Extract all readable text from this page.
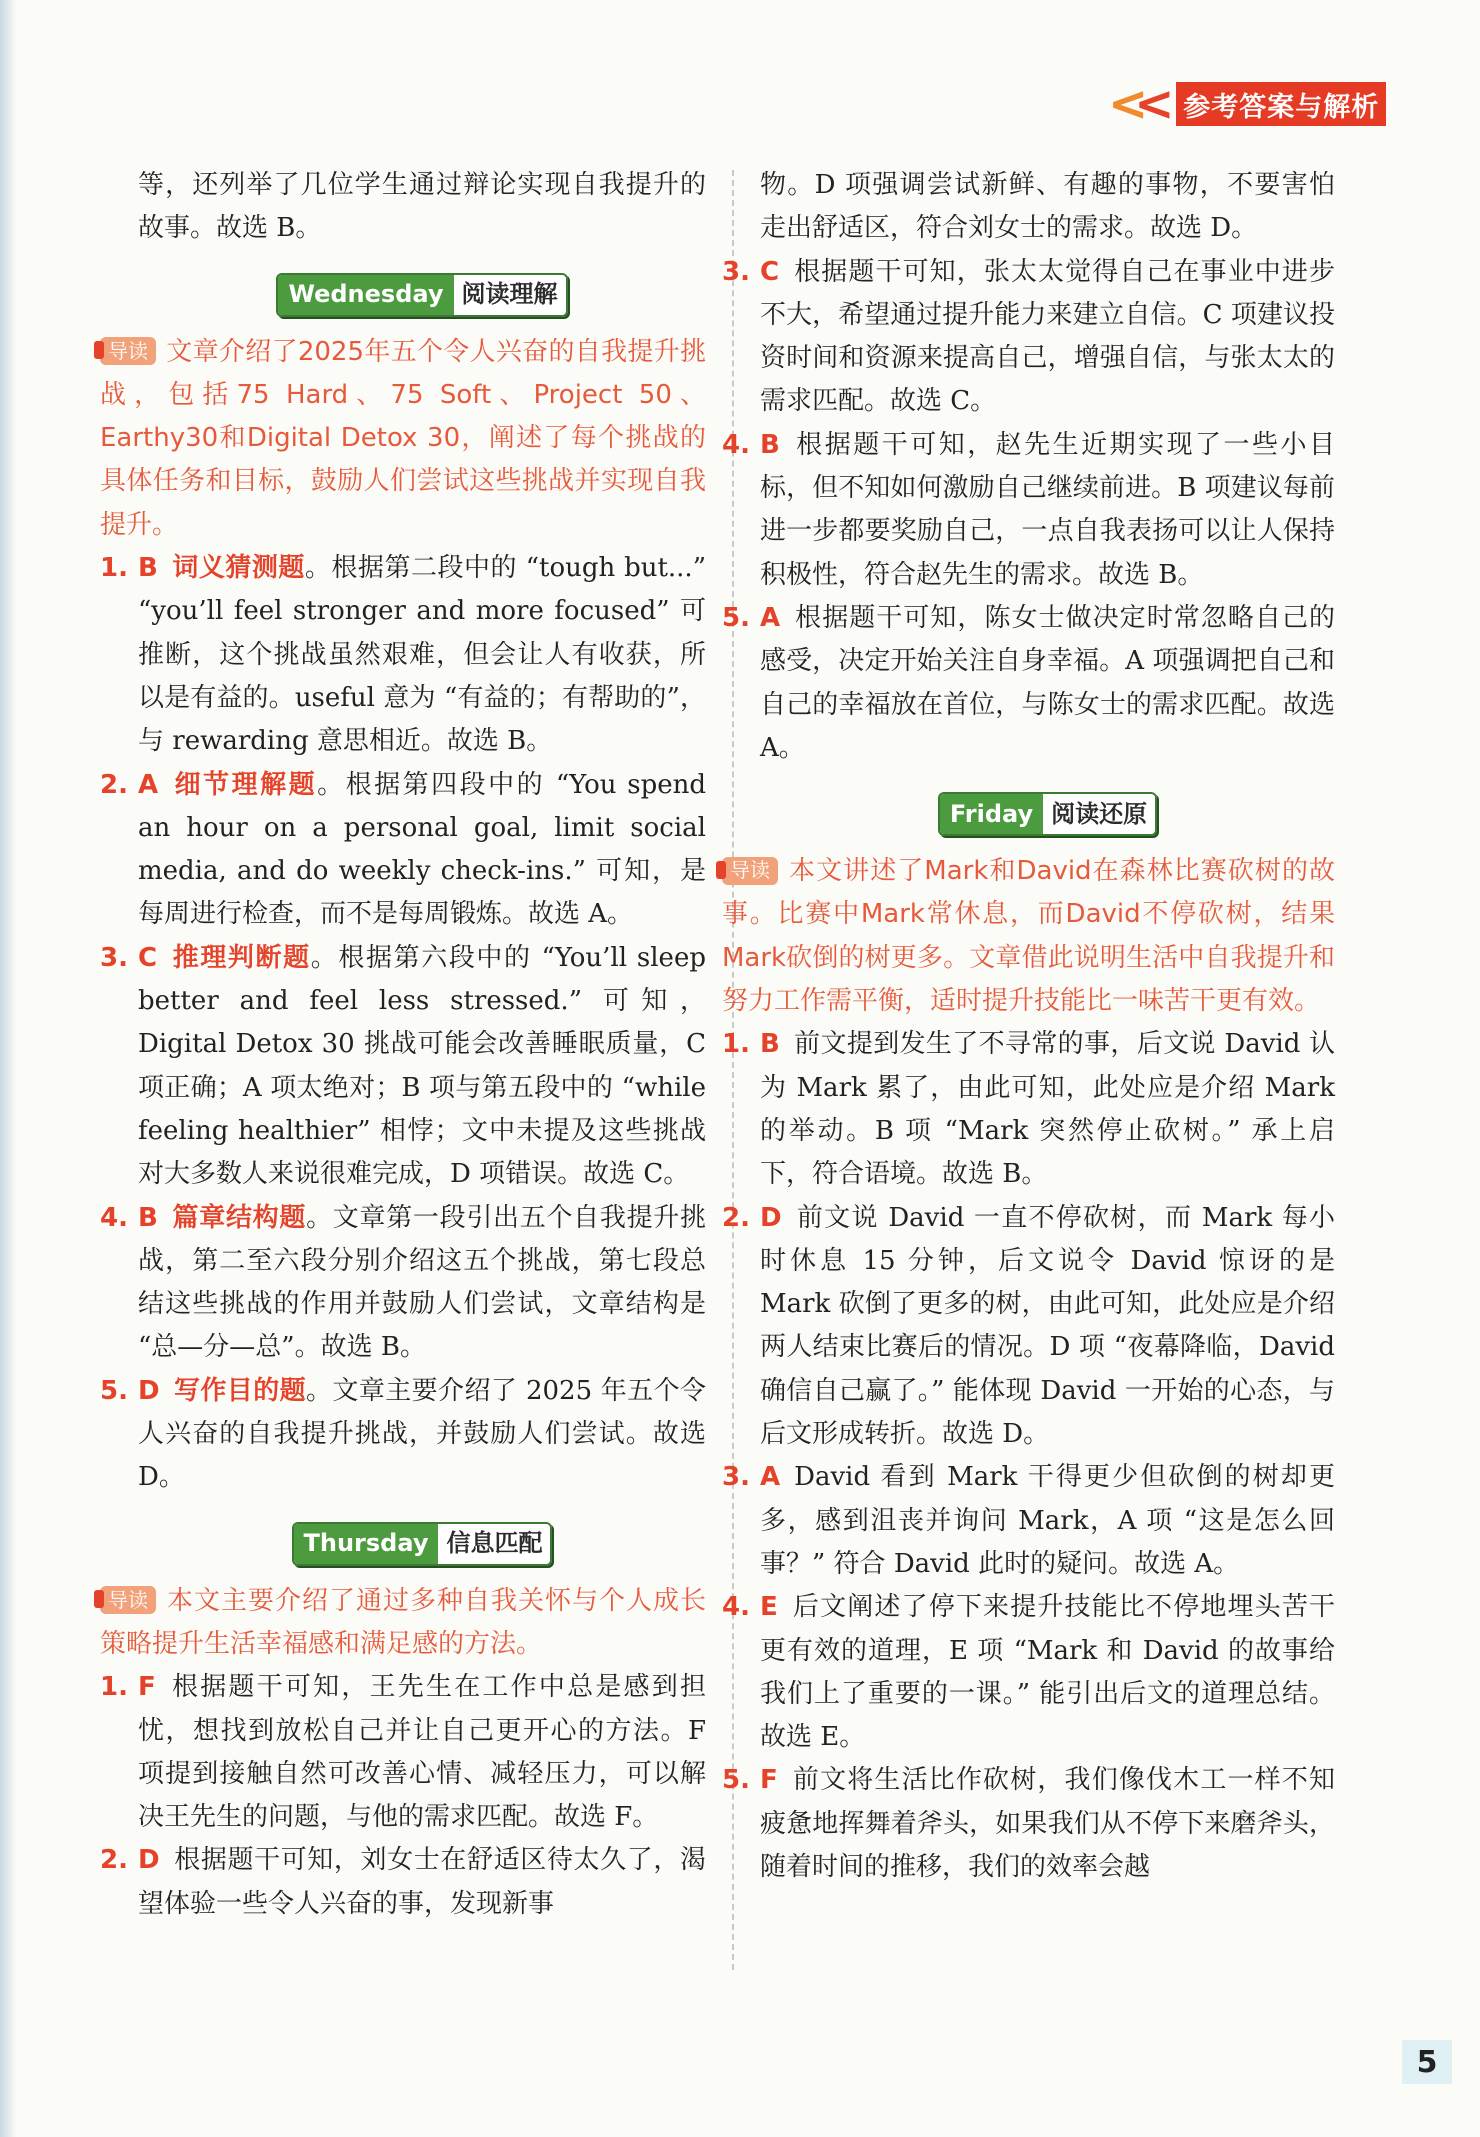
< < 参考答案与解析

等，还列举了几位学生通过辩论实现自我提升的故事。故选 B。

Wednesday 阅读理解

导读 文章介绍了2025年五个令人兴奋的自我提升挑战，包括75 Hard、75 Soft、Project 50、Earthy30和Digital Detox 30，阐述了每个挑战的具体任务和目标，鼓励人们尝试这些挑战并实现自我提升。

1. B 词义猜测题。根据第二段中的 “tough but...” “you’ll feel stronger and more focused” 可推断，这个挑战虽然艰难，但会让人有收获，所以是有益的。useful 意为 “有益的；有帮助的”，与 rewarding 意思相近。故选 B。

2. A 细节理解题。根据第四段中的 “You spend an hour on a personal goal, limit social media, and do weekly check-ins.” 可知，是每周进行检查，而不是每周锻炼。故选 A。

3. C 推理判断题。根据第六段中的 “You’ll sleep better and feel less stressed.” 可知，Digital Detox 30 挑战可能会改善睡眠质量，C 项正确；A 项太绝对；B 项与第五段中的 “while feeling healthier” 相悖；文中未提及这些挑战对大多数人来说很难完成，D 项错误。故选 C。

4. B 篇章结构题。文章第一段引出五个自我提升挑战，第二至六段分别介绍这五个挑战，第七段总结这些挑战的作用并鼓励人们尝试，文章结构是 “总—分—总”。故选 B。

5. D 写作目的题。文章主要介绍了 2025 年五个令人兴奋的自我提升挑战，并鼓励人们尝试。故选 D。

Thursday 信息匹配

导读 本文主要介绍了通过多种自我关怀与个人成长策略提升生活幸福感和满足感的方法。

1. F 根据题干可知，王先生在工作中总是感到担忧，想找到放松自己并让自己更开心的方法。F 项提到接触自然可改善心情、减轻压力，可以解决王先生的问题，与他的需求匹配。故选 F。

2. D 根据题干可知，刘女士在舒适区待太久了，渴望体验一些令人兴奋的事，发现新事

物。D 项强调尝试新鲜、有趣的事物，不要害怕走出舒适区，符合刘女士的需求。故选 D。

3. C 根据题干可知，张太太觉得自己在事业中进步不大，希望通过提升能力来建立自信。C 项建议投资时间和资源来提高自己，增强自信，与张太太的需求匹配。故选 C。

4. B 根据题干可知，赵先生近期实现了一些小目标，但不知如何激励自己继续前进。B 项建议每前进一步都要奖励自己，一点自我表扬可以让人保持积极性，符合赵先生的需求。故选 B。

5. A 根据题干可知，陈女士做决定时常忽略自己的感受，决定开始关注自身幸福。A 项强调把自己和自己的幸福放在首位，与陈女士的需求匹配。故选 A。

Friday 阅读还原

导读 本文讲述了Mark和David在森林比赛砍树的故事。比赛中Mark常休息，而David不停砍树，结果Mark砍倒的树更多。文章借此说明生活中自我提升和努力工作需平衡，适时提升技能比一味苦干更有效。

1. B 前文提到发生了不寻常的事，后文说 David 认为 Mark 累了，由此可知，此处应是介绍 Mark 的举动。B 项 “Mark 突然停止砍树。” 承上启下，符合语境。故选 B。

2. D 前文说 David 一直不停砍树，而 Mark 每小时休息 15 分钟，后文说令 David 惊讶的是 Mark 砍倒了更多的树，由此可知，此处应是介绍两人结束比赛后的情况。D 项 “夜幕降临，David 确信自己赢了。” 能体现 David 一开始的心态，与后文形成转折。故选 D。

3. A David 看到 Mark 干得更少但砍倒的树却更多，感到沮丧并询问 Mark，A 项 “这是怎么回事？” 符合 David 此时的疑问。故选 A。

4. E 后文阐述了停下来提升技能比不停地埋头苦干更有效的道理，E 项 “Mark 和 David 的故事给我们上了重要的一课。” 能引出后文的道理总结。故选 E。

5. F 前文将生活比作砍树，我们像伐木工一样不知疲惫地挥舞着斧头，如果我们从不停下来磨斧头，随着时间的推移，我们的效率会越

5
